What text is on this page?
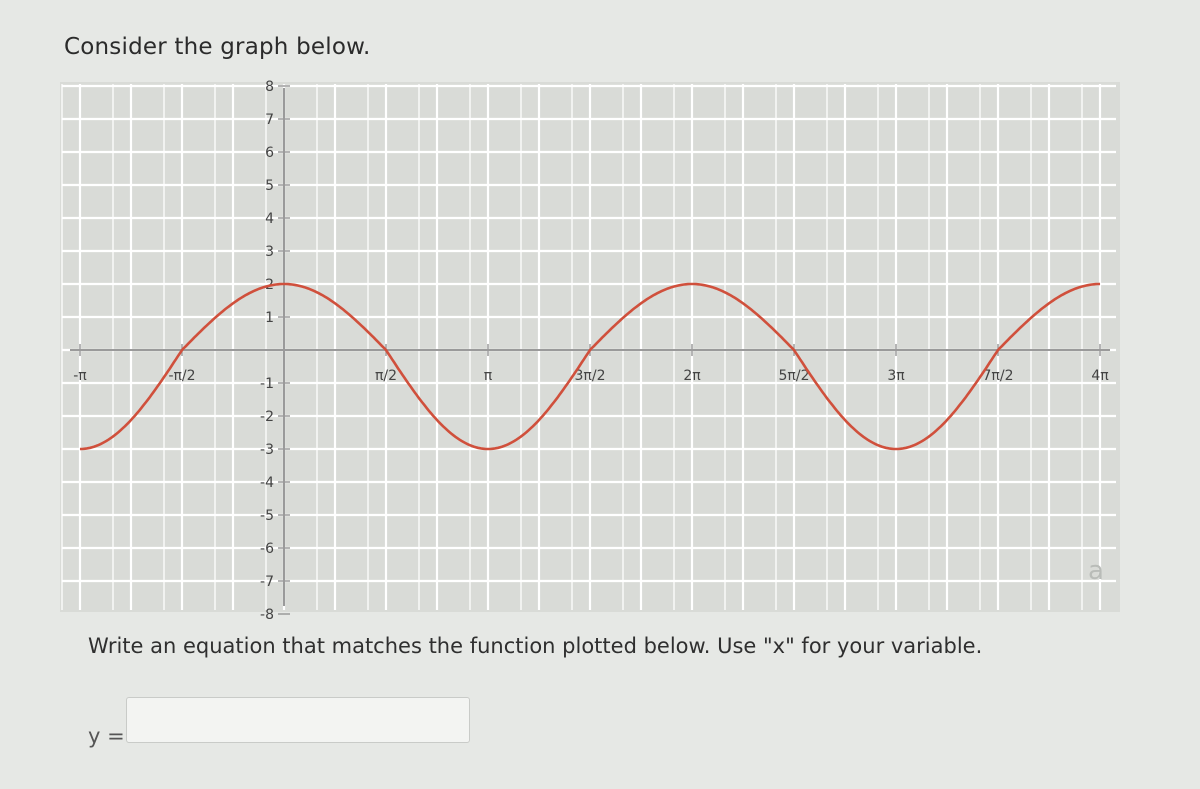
Consider the graph below.
8
7
6
5
4
3
2
1
-1
-2
-3
-4
-5
-6
-7
-8
-π	-π/2	π/2	π	3π/2	2π	5π/2	3π	7π/2	4π
Write an equation that matches the function plotted below. Use "x" for your variable.
y =
a
